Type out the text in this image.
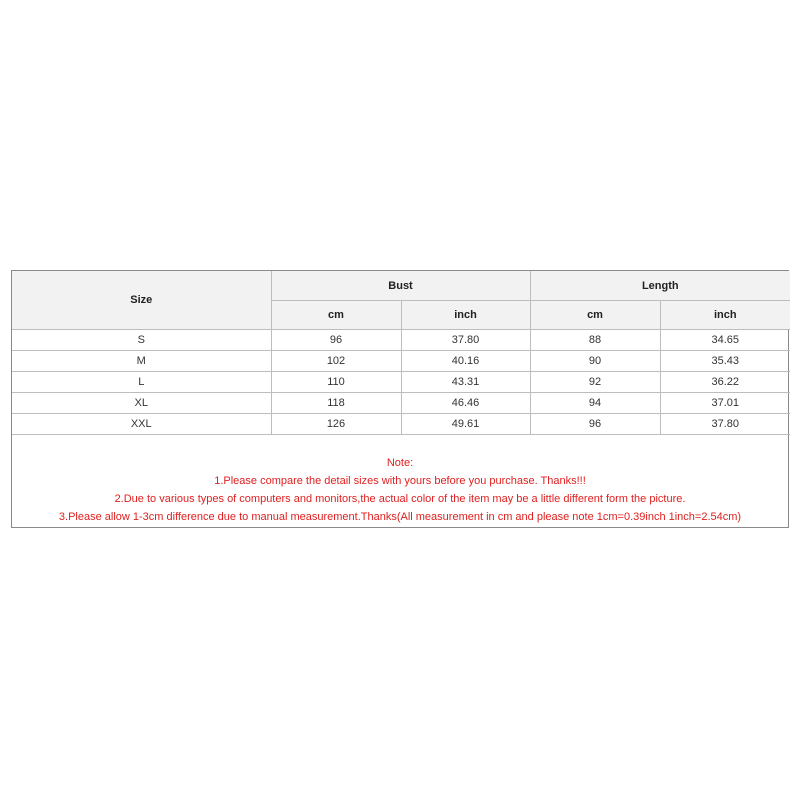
Size	Bust		Length	
	cm	inch	cm	inch
S	96	37.80	88	34.65
M	102	40.16	90	35.43
L	110	43.31	92	36.22
XL	118	46.46	94	37.01
XXL	126	49.61	96	37.80
Note:
1.Please compare the detail sizes with yours before you purchase. Thanks!!!
2.Due to various types of computers and monitors,the actual color of the item may be a little different form the picture.
3.Please allow 1-3cm difference due to manual measurement.Thanks(All measurement in cm and please note 1cm=0.39inch 1inch=2.54cm)
